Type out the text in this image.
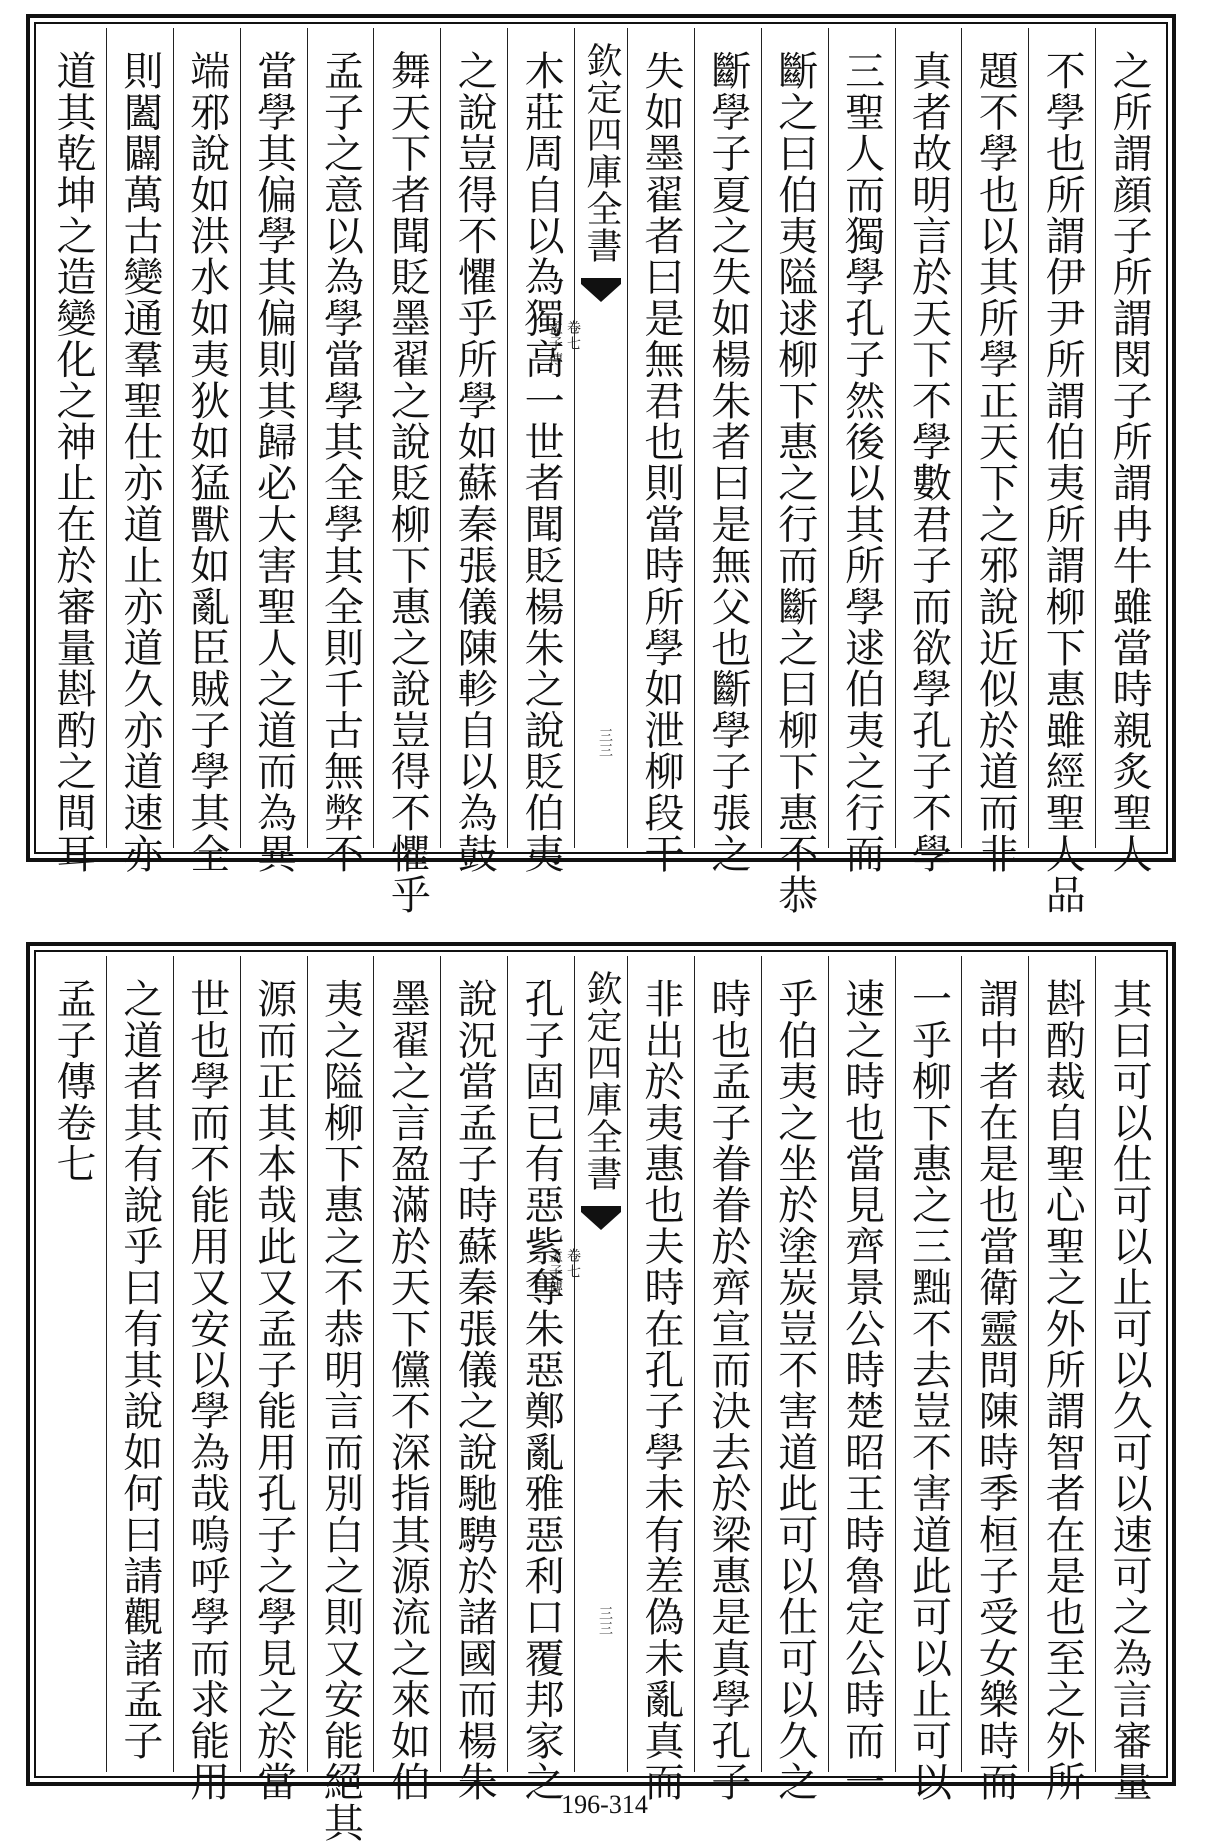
之所謂顔子所謂閔子所謂冉牛雖當時親炙聖人
不學也所謂伊尹所謂伯夷所謂柳下惠雖經聖人品
題不學也以其所學正天下之邪說近似於道而非
真者故明言於天下不學數君子而欲學孔子不學
三聖人而獨學孔子然後以其所學逑伯夷之行而
斷之曰伯夷隘逑柳下惠之行而斷之曰柳下惠不恭
斷學子夏之失如楊朱者曰是無父也斷學子張之
失如墨翟者曰是無君也則當時所學如泄柳段干
欽定四庫全書
孟子傳 卷七
三三
木莊周自以為獨高一世者聞貶楊朱之說貶伯夷
之說豈得不懼乎所學如蘇秦張儀陳軫自以為鼓
舞天下者聞貶墨翟之說貶柳下惠之說豈得不懼乎
孟子之意以為學當學其全學其全則千古無弊不
當學其偏學其偏則其歸必大害聖人之道而為異
端邪說如洪水如夷狄如猛獸如亂臣賊子學其全
則闔闢萬古變通羣聖仕亦道止亦道久亦道速亦
道其乾坤之造變化之神止在於審量斟酌之間耳
其曰可以仕可以止可以久可以速可之為言審量
斟酌裁自聖心聖之外所謂智者在是也至之外所
謂中者在是也當衛靈問陳時季桓子受女樂時而
一乎柳下惠之三黜不去豈不害道此可以止可以
速之時也當見齊景公時楚昭王時魯定公時而一
乎伯夷之坐於塗炭豈不害道此可以仕可以久之
時也孟子眷眷於齊宣而決去於梁惠是真學孔子
非出於夷惠也夫時在孔子學未有差偽未亂真而
欽定四庫全書
孟子傳 卷七
三三
孔子固已有惡紫奪朱惡鄭亂雅惡利口覆邦家之
說況當孟子時蘇秦張儀之說馳騁於諸國而楊朱
墨翟之言盈滿於天下儻不深指其源流之來如伯
夷之隘柳下惠之不恭明言而別白之則又安能絕其
源而正其本哉此又孟子能用孔子之學見之於當
世也學而不能用又安以學為哉嗚呼學而求能用
之道者其有說乎曰有其說如何曰請觀諸孟子
孟子傳卷七
196-314
